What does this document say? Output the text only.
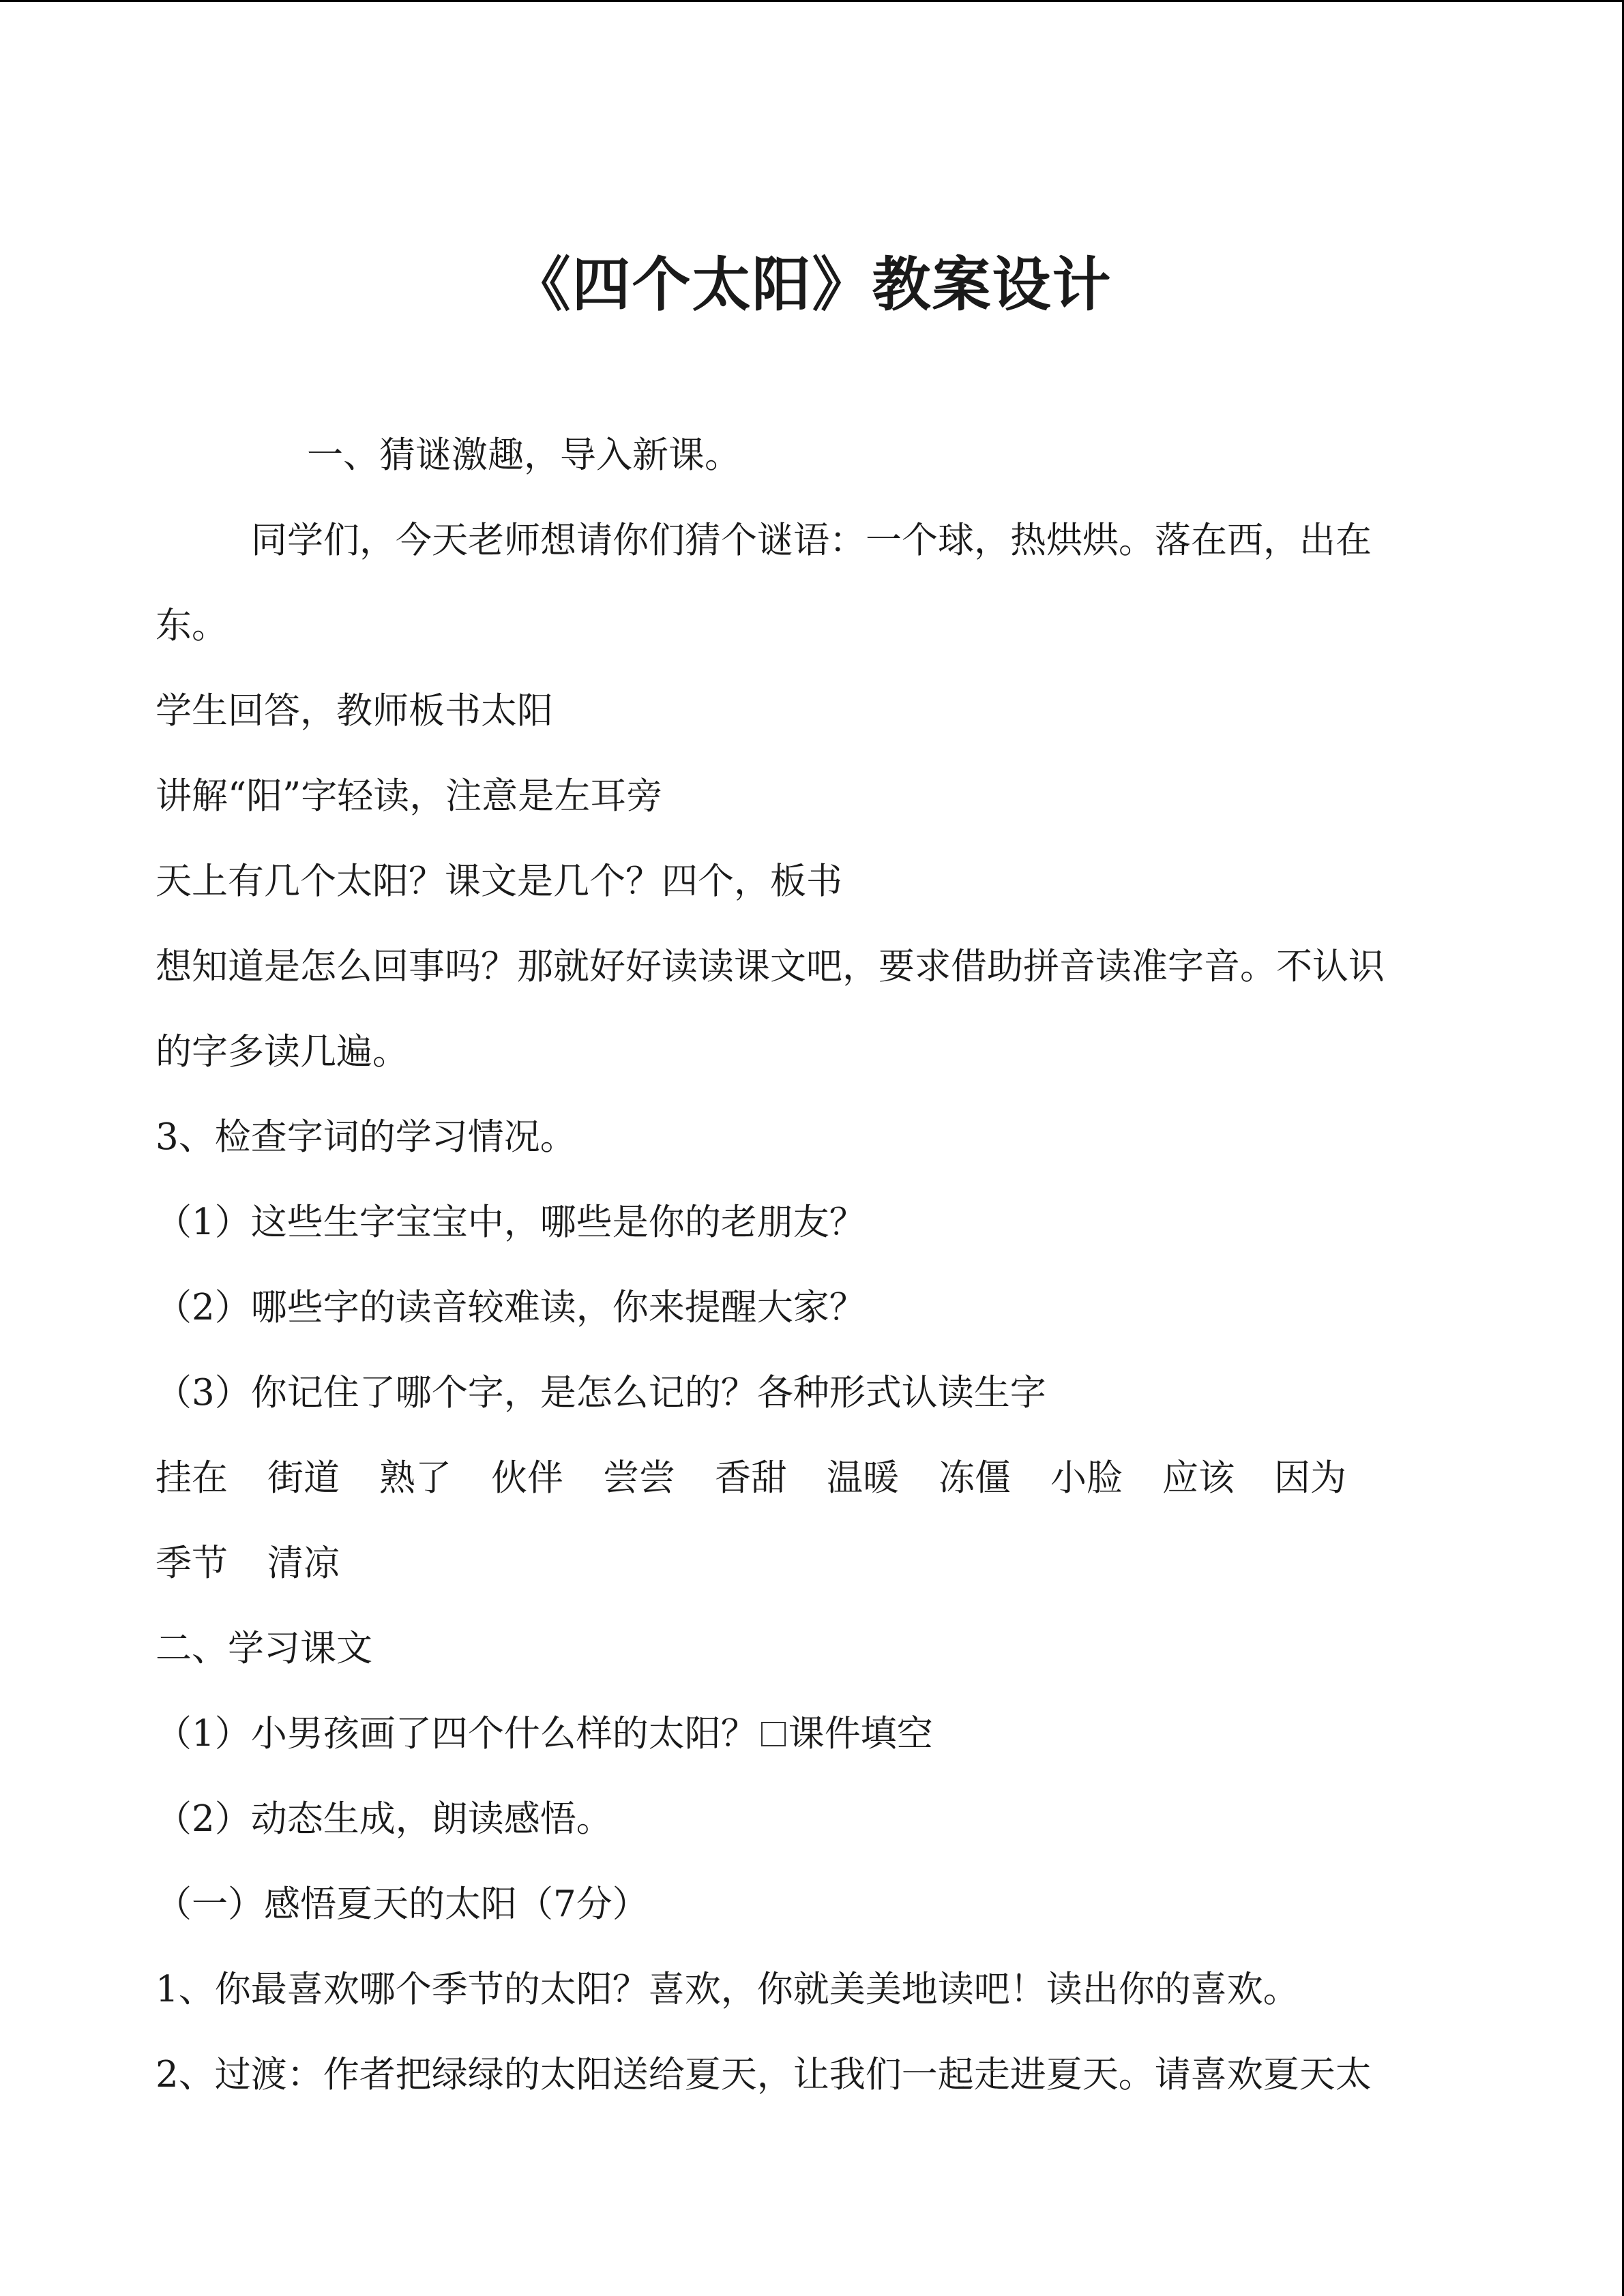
《四个太阳》教案设计
一、猜谜激趣，导入新课。
同学们，今天老师想请你们猜个谜语：一个球，热烘烘。落在西，出在
东。
学生回答，教师板书太阳
讲解“阳”字轻读，注意是左耳旁
天上有几个太阳？课文是几个？四个，板书
想知道是怎么回事吗？那就好好读读课文吧，要求借助拼音读准字音。不认识
的字多读几遍。
3、检查字词的学习情况。
（1）这些生字宝宝中，哪些是你的老朋友？
（2）哪些字的读音较难读，你来提醒大家？
（3）你记住了哪个字，是怎么记的？各种形式认读生字
挂在 街道 熟了 伙伴 尝尝 香甜 温暖 冻僵 小脸 应该 因为
季节 清凉
二、学习课文
（1）小男孩画了四个什么样的太阳？ 课件填空
（2）动态生成，朗读感悟。
（一）感悟夏天的太阳（7分）
1、你最喜欢哪个季节的太阳？喜欢，你就美美地读吧！读出你的喜欢。
2、过渡：作者把绿绿的太阳送给夏天，让我们一起走进夏天。请喜欢夏天太
